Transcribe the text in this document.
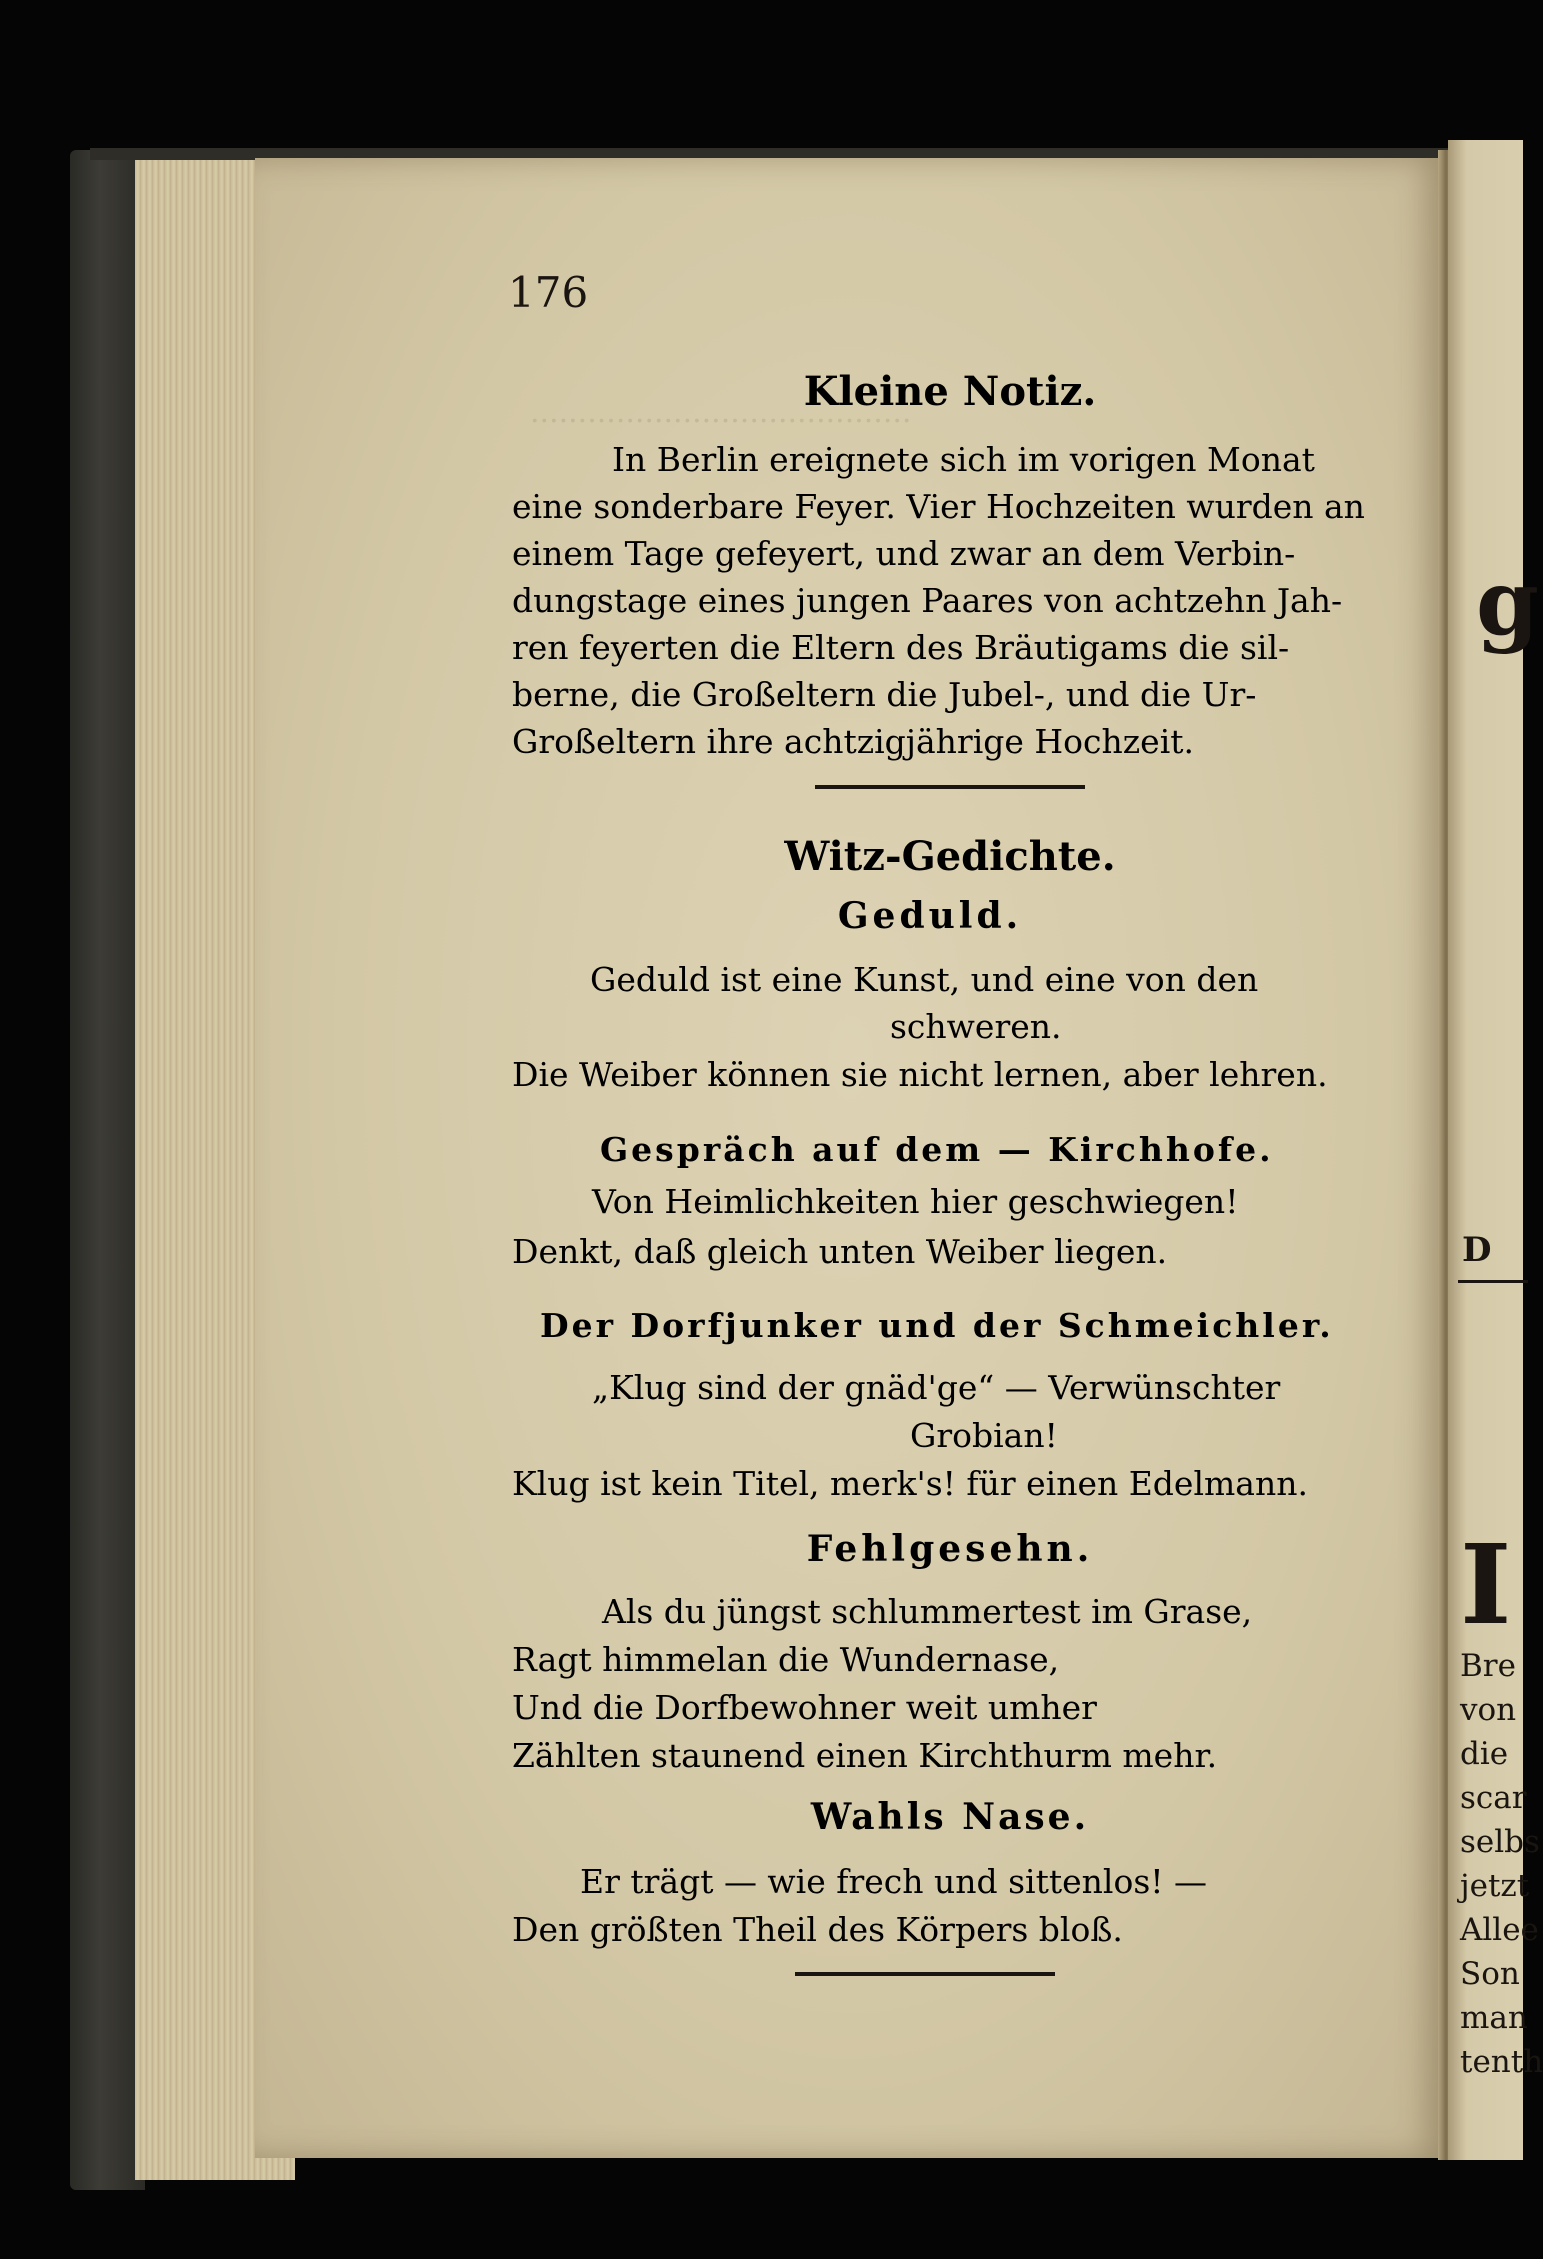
........................................
176
Kleine Notiz.
In Berlin ereignete sich im vorigen Monat
eine sonderbare Feyer. Vier Hochzeiten wurden an
einem Tage gefeyert, und zwar an dem Verbin-
dungstage eines jungen Paares von achtzehn Jah-
ren feyerten die Eltern des Bräutigams die sil-
berne, die Großeltern die Jubel-, und die Ur-
Großeltern ihre achtzigjährige Hochzeit.
Witz-Gedichte.
Geduld.
Geduld ist eine Kunst, und eine von den
schweren.
Die Weiber können sie nicht lernen, aber lehren.
Gespräch auf dem — Kirchhofe.
Von Heimlichkeiten hier geschwiegen!
Denkt, daß gleich unten Weiber liegen.
Der Dorfjunker und der Schmeichler.
„Klug sind der gnäd'ge“ — Verwünschter
Grobian!
Klug ist kein Titel, merk's! für einen Edelmann.
Fehlgesehn.
Als du jüngst schlummertest im Grase,
Ragt himmelan die Wundernase,
Und die Dorfbewohner weit umher
Zählten staunend einen Kirchthurm mehr.
Wahls Nase.
Er trägt — wie frech und sittenlos! —
Den größten Theil des Körpers bloß.
g
D
I
Bre
von
die
scar
selbs
jetzt
Allee
Son
man
tenth
